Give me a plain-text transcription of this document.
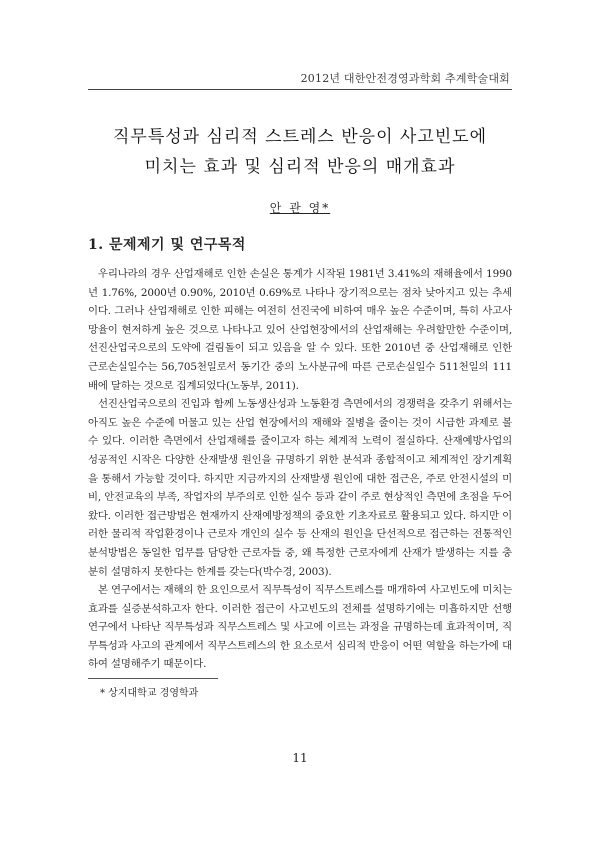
2012년 대한안전경영과학회 추계학술대회
직무특성과 심리적 스트레스 반응이 사고빈도에
미치는 효과 및 심리적 반응의 매개효과
안 관 영*
1. 문제제기 및 연구목적

우리나라의 경우 산업재해로 인한 손실은 통계가 시작된 1981년 3.41%의 재해율에서 1990년 1.76%, 2000년 0.90%, 2010년 0.69%로 나타나 장기적으로는 점차 낮아지고 있는 추세이다. 그러나 산업재해로 인한 피해는 여전히 선진국에 비하여 매우 높은 수준이며, 특히 사고사망율이 현저하게 높은 것으로 나타나고 있어 산업현장에서의 산업재해는 우려할만한 수준이며, 선진산업국으로의 도약에 걸림돌이 되고 있음을 알 수 있다. 또한 2010년 중 산업재해로 인한 근로손실일수는 56,705천일로서 동기간 중의 노사분규에 따른 근로손실일수 511천일의 111배에 달하는 것으로 집계되었다(노동부, 2011).

선진산업국으로의 진입과 함께 노동생산성과 노동환경 측면에서의 경쟁력을 갖추기 위해서는 아직도 높은 수준에 머물고 있는 산업 현장에서의 재해와 질병을 줄이는 것이 시급한 과제로 볼 수 있다. 이러한 측면에서 산업재해를 줄이고자 하는 체계적 노력이 절실하다. 산재예방사업의 성공적인 시작은 다양한 산재발생 원인을 규명하기 위한 분석과 종합적이고 체계적인 장기계획을 통해서 가능할 것이다. 하지만 지금까지의 산재발생 원인에 대한 접근은, 주로 안전시설의 미비, 안전교육의 부족, 작업자의 부주의로 인한 실수 등과 같이 주로 현상적인 측면에 초점을 두어 왔다. 이러한 접근방법은 현재까지 산재예방정책의 중요한 기초자료로 활용되고 있다. 하지만 이러한 물리적 작업환경이나 근로자 개인의 실수 등 산재의 원인을 단선적으로 접근하는 전통적인 분석방법은 동일한 업무를 담당한 근로자들 중, 왜 특정한 근로자에게 산재가 발생하는 지를 충분히 설명하지 못한다는 한계를 갖는다(박수경, 2003).

본 연구에서는 재해의 한 요인으로서 직무특성이 직무스트레스를 매개하여 사고빈도에 미치는 효과를 실증분석하고자 한다. 이러한 접근이 사고빈도의 전체를 설명하기에는 미흡하지만 선행연구에서 나타난 직무특성과 직무스트레스 및 사고에 이르는 과정을 규명하는데 효과적이며, 직무특성과 사고의 관계에서 직무스트레스의 한 요소로서 심리적 반응이 어떤 역할을 하는가에 대하여 설명해주기 때문이다.

* 상지대학교 경영학과
11
